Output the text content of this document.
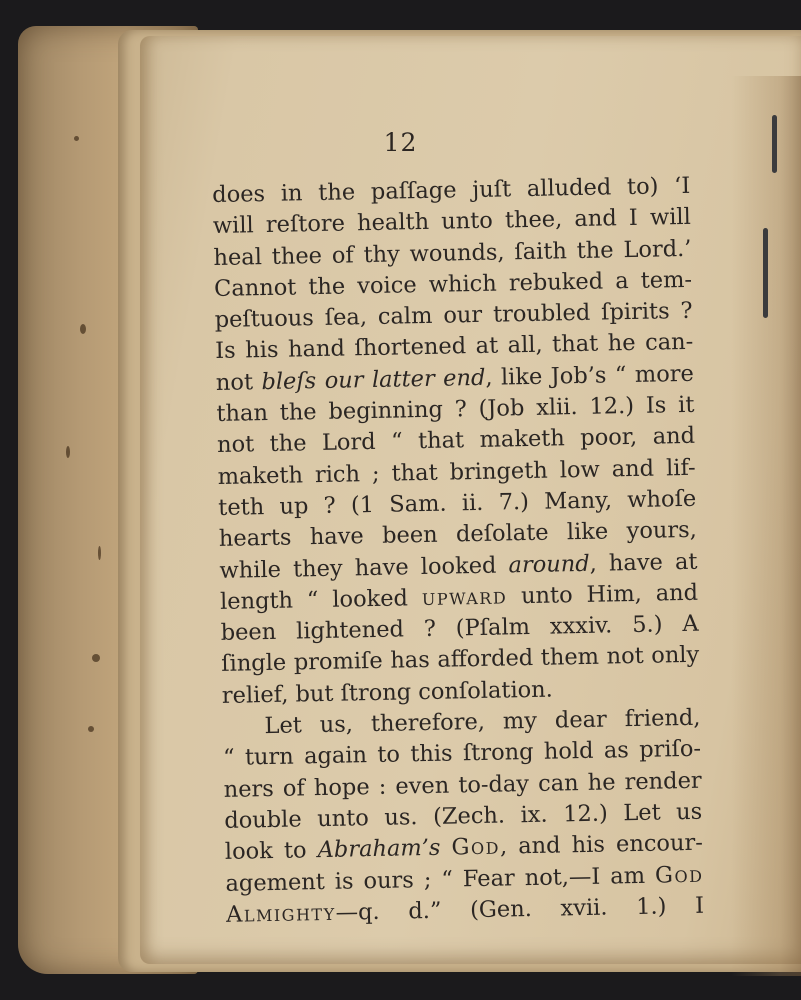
12
does in the paſſage juſt alluded to) ‘I
will reſtore health unto thee, and I will
heal thee of thy wounds, ſaith the Lord.’
Cannot the voice which rebuked a tem-
peſtuous ſea, calm our troubled ſpirits ?
Is his hand ſhortened at all, that he can-
not bleſs our latter end, like Job’s “ more
than the beginning ? (Job xlii. 12.) Is it
not the Lord “ that maketh poor, and
maketh rich ; that bringeth low and lif-
teth up ? (1 Sam. ii. 7.) Many, whoſe
hearts have been deſolate like yours,
while they have looked around, have at
length “ looked upward unto Him, and
been lightened ? (Pſalm xxxiv. 5.) A
ſingle promiſe has afforded them not only
relief, but ſtrong conſolation.
Let us, therefore, my dear friend,
“ turn again to this ſtrong hold as priſo-
ners of hope : even to-day can he render
double unto us. (Zech. ix. 12.) Let us
look to Abraham’s God, and his encour-
agement is ours ; “ Fear not,—I am God
Almighty—q. d.” (Gen. xvii. 1.) I
